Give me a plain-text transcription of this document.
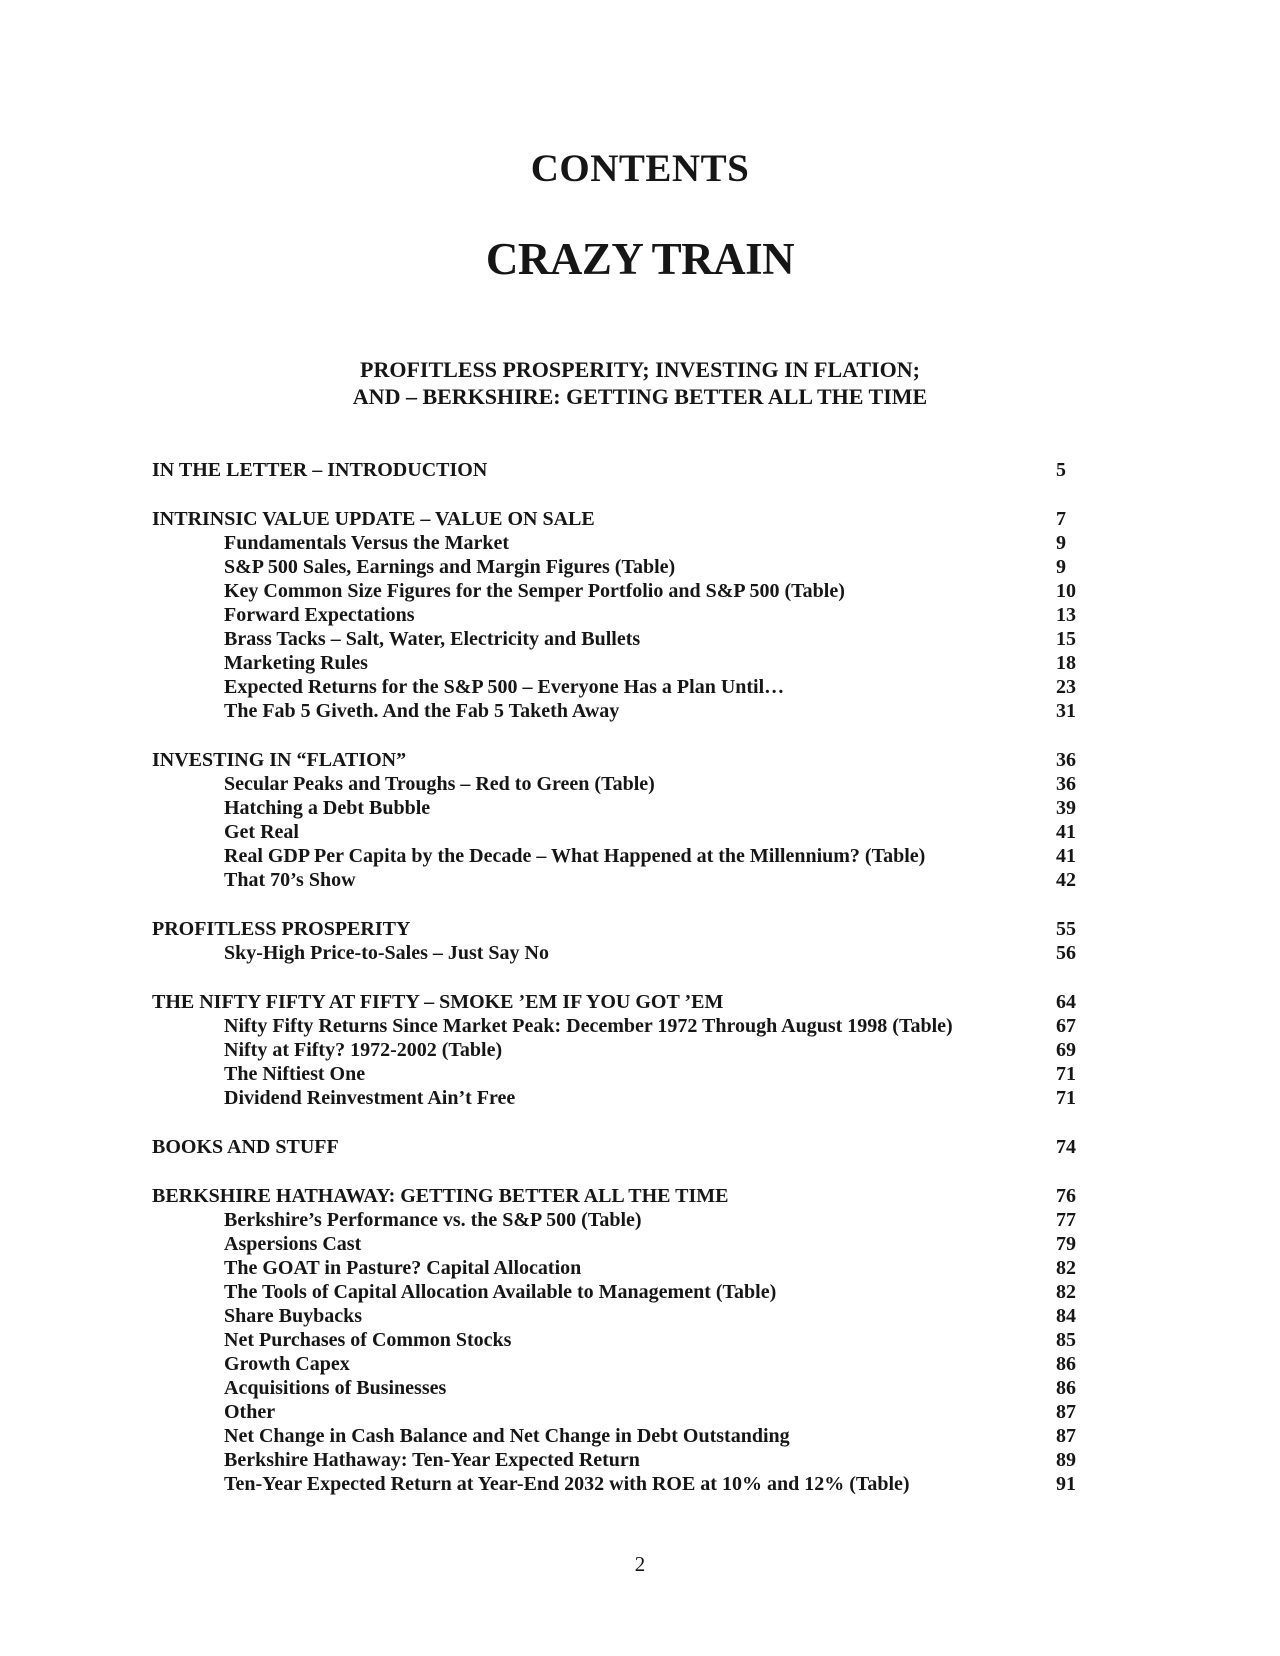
CONTENTS
CRAZY TRAIN
PROFITLESS PROSPERITY; INVESTING IN FLATION;
AND – BERKSHIRE: GETTING BETTER ALL THE TIME
IN THE LETTER – INTRODUCTION	5
INTRINSIC VALUE UPDATE – VALUE ON SALE	7
Fundamentals Versus the Market	9
S&P 500 Sales, Earnings and Margin Figures (Table)	9
Key Common Size Figures for the Semper Portfolio and S&P 500 (Table)	10
Forward Expectations	13
Brass Tacks – Salt, Water, Electricity and Bullets	15
Marketing Rules	18
Expected Returns for the S&P 500 – Everyone Has a Plan Until…	23
The Fab 5 Giveth. And the Fab 5 Taketh Away	31
INVESTING IN “FLATION”	36
Secular Peaks and Troughs – Red to Green (Table)	36
Hatching a Debt Bubble	39
Get Real	41
Real GDP Per Capita by the Decade – What Happened at the Millennium? (Table)	41
That 70’s Show	42
PROFITLESS PROSPERITY	55
Sky-High Price-to-Sales – Just Say No	56
THE NIFTY FIFTY AT FIFTY – SMOKE ’EM IF YOU GOT ’EM	64
Nifty Fifty Returns Since Market Peak: December 1972 Through August 1998 (Table)	67
Nifty at Fifty? 1972-2002 (Table)	69
The Niftiest One	71
Dividend Reinvestment Ain’t Free	71
BOOKS AND STUFF	74
BERKSHIRE HATHAWAY: GETTING BETTER ALL THE TIME	76
Berkshire’s Performance vs. the S&P 500 (Table)	77
Aspersions Cast	79
The GOAT in Pasture? Capital Allocation	82
The Tools of Capital Allocation Available to Management (Table)	82
Share Buybacks	84
Net Purchases of Common Stocks	85
Growth Capex	86
Acquisitions of Businesses	86
Other	87
Net Change in Cash Balance and Net Change in Debt Outstanding	87
Berkshire Hathaway: Ten-Year Expected Return	89
Ten-Year Expected Return at Year-End 2032 with ROE at 10% and 12% (Table)	91
2
